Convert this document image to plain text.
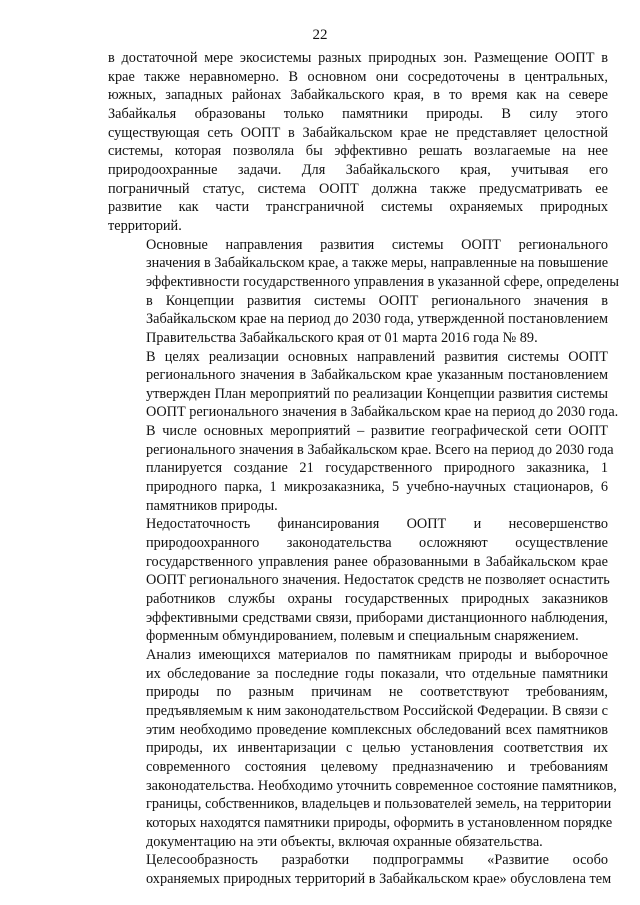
22

в достаточной мере экосистемы разных природных зон. Размещение ООПТ в
крае также неравномерно. В основном они сосредоточены в центральных,
южных, западных районах Забайкальского края, в то время как на севере
Забайкалья образованы только памятники природы. В силу этого
существующая сеть ООПТ в Забайкальском крае не представляет целостной
системы, которая позволяла бы эффективно решать возлагаемые на нее
природоохранные задачи. Для Забайкальского края, учитывая его
пограничный статус, система ООПТ должна также предусматривать ее
развитие как части трансграничной системы охраняемых природных
территорий.

Основные направления развития системы ООПТ регионального
значения в Забайкальском крае, а также меры, направленные на повышение
эффективности государственного управления в указанной сфере, определены
в Концепции развития системы ООПТ регионального значения в
Забайкальском крае на период до 2030 года, утвержденной постановлением
Правительства Забайкальского края от 01 марта 2016 года № 89.

В целях реализации основных направлений развития системы ООПТ
регионального значения в Забайкальском крае указанным постановлением
утвержден План мероприятий по реализации Концепции развития системы
ООПТ регионального значения в Забайкальском крае на период до 2030 года.
В числе основных мероприятий – развитие географической сети ООПТ
регионального значения в Забайкальском крае. Всего на период до 2030 года
планируется создание 21 государственного природного заказника, 1
природного парка, 1 микрозаказника, 5 учебно-научных стационаров, 6
памятников природы.

Недостаточность финансирования ООПТ и несовершенство
природоохранного законодательства осложняют осуществление
государственного управления ранее образованными в Забайкальском крае
ООПТ регионального значения. Недостаток средств не позволяет оснастить
работников службы охраны государственных природных заказников
эффективными средствами связи, приборами дистанционного наблюдения,
форменным обмундированием, полевым и специальным снаряжением.

Анализ имеющихся материалов по памятникам природы и выборочное
их обследование за последние годы показали, что отдельные памятники
природы по разным причинам не соответствуют требованиям,
предъявляемым к ним законодательством Российской Федерации. В связи с
этим необходимо проведение комплексных обследований всех памятников
природы, их инвентаризации с целью установления соответствия их
современного состояния целевому предназначению и требованиям
законодательства. Необходимо уточнить современное состояние памятников,
границы, собственников, владельцев и пользователей земель, на территории
которых находятся памятники природы, оформить в установленном порядке
документацию на эти объекты, включая охранные обязательства.

Целесообразность разработки подпрограммы «Развитие особо
охраняемых природных территорий в Забайкальском крае» обусловлена тем
